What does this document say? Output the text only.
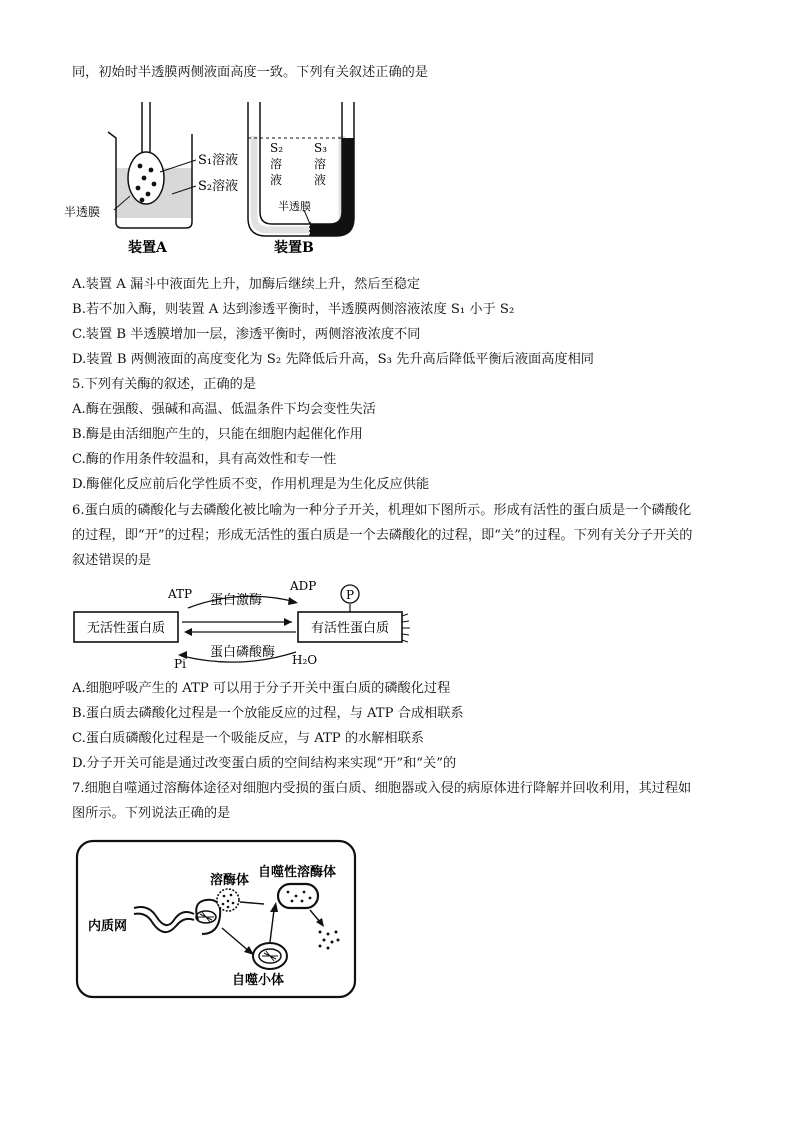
同，初始时半透膜两侧液面高度一致。下列有关叙述正确的是
S₁溶液
S₂溶液
半透膜
装置A
S₂
溶
液
S₃
溶
液
半透膜
装置B
A.装置 A 漏斗中液面先上升，加酶后继续上升，然后至稳定
B.若不加入酶，则装置 A 达到渗透平衡时，半透膜两侧溶液浓度 S₁ 小于 S₂
C.装置 B 半透膜增加一层，渗透平衡时，两侧溶液浓度不同
D.装置 B 两侧液面的高度变化为 S₂ 先降低后升高，S₃ 先升高后降低平衡后液面高度相同
5.下列有关酶的叙述，正确的是
A.酶在强酸、强碱和高温、低温条件下均会变性失活
B.酶是由活细胞产生的，只能在细胞内起催化作用
C.酶的作用条件较温和，具有高效性和专一性
D.酶催化反应前后化学性质不变，作用机理是为生化反应供能
6.蛋白质的磷酸化与去磷酸化被比喻为一种分子开关，机理如下图所示。形成有活性的蛋白质是一个磷酸化
的过程，即“开”的过程；形成无活性的蛋白质是一个去磷酸化的过程，即“关”的过程。下列有关分子开关的
叙述错误的是
无活性蛋白质	有活性蛋白质
P
ATP 蛋白激酶
ADP
Pi
蛋白磷酸酶 H₂O
A.细胞呼吸产生的 ATP 可以用于分子开关中蛋白质的磷酸化过程
B.蛋白质去磷酸化过程是一个放能反应的过程，与 ATP 合成相联系
C.蛋白质磷酸化过程是一个吸能反应，与 ATP 的水解相联系
D.分子开关可能是通过改变蛋白质的空间结构来实现“开”和“关”的
7.细胞自噬通过溶酶体途径对细胞内受损的蛋白质、细胞器或入侵的病原体进行降解并回收利用，其过程如
图所示。下列说法正确的是
内质网
自噬小体
溶酶体
自噬性溶酶体
